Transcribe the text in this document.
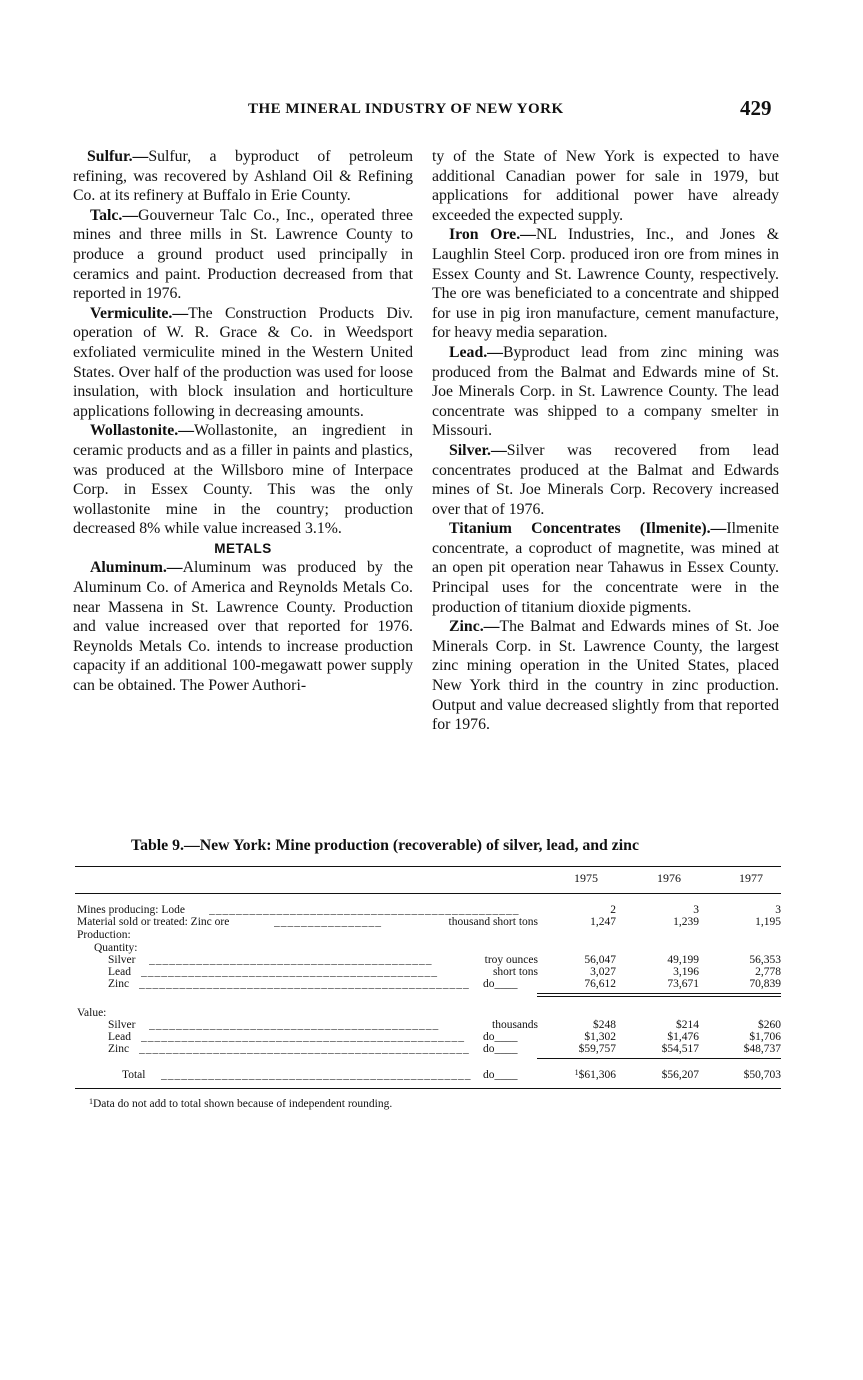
THE MINERAL INDUSTRY OF NEW YORK	429

Sulfur.—Sulfur, a byproduct of petroleum refining, was recovered by Ashland Oil & Refining Co. at its refinery at Buffalo in Erie County.

Talc.—Gouverneur Talc Co., Inc., operated three mines and three mills in St. Lawrence County to produce a ground product used principally in ceramics and paint. Production decreased from that reported in 1976.

Vermiculite.—The Construction Products Div. operation of W. R. Grace & Co. in Weedsport exfoliated vermiculite mined in the Western United States. Over half of the production was used for loose insulation, with block insulation and horticulture applications following in decreasing amounts.

Wollastonite.—Wollastonite, an ingredient in ceramic products and as a filler in paints and plastics, was produced at the Willsboro mine of Interpace Corp. in Essex County. This was the only wollastonite mine in the country; production decreased 8% while value increased 3.1%.

METALS

Aluminum.—Aluminum was produced by the Aluminum Co. of America and Reynolds Metals Co. near Massena in St. Lawrence County. Production and value increased over that reported for 1976. Reynolds Metals Co. intends to increase production capacity if an additional 100-megawatt power supply can be obtained. The Power Authori-

ty of the State of New York is expected to have additional Canadian power for sale in 1979, but applications for additional power have already exceeded the expected supply.

Iron Ore.—NL Industries, Inc., and Jones & Laughlin Steel Corp. produced iron ore from mines in Essex County and St. Lawrence County, respectively. The ore was beneficiated to a concentrate and shipped for use in pig iron manufacture, cement manufacture, for heavy media separation.

Lead.—Byproduct lead from zinc mining was produced from the Balmat and Edwards mine of St. Joe Minerals Corp. in St. Lawrence County. The lead concentrate was shipped to a company smelter in Missouri.

Silver.—Silver was recovered from lead concentrates produced at the Balmat and Edwards mines of St. Joe Minerals Corp. Recovery increased over that of 1976.

Titanium Concentrates (Ilmenite).—Ilmenite concentrate, a coproduct of magnetite, was mined at an open pit operation near Tahawus in Essex County. Principal uses for the concentrate were in the production of titanium dioxide pigments.

Zinc.—The Balmat and Edwards mines of St. Joe Minerals Corp. in St. Lawrence County, the largest zinc mining operation in the United States, placed New York third in the country in zinc production. Output and value decreased slightly from that reported for 1976.

Table 9.—New York: Mine production (recoverable) of silver, lead, and zinc
1975	1976	1977
Mines producing: Lode ______________________________________________	2	3	3
Material sold or treated: Zinc ore	________________	thousand short tons	1,247	1,239	1,195
Production:
Quantity:
Silver __________________________________________	troy ounces	56,047	49,199	56,353
Lead ____________________________________________	short tons	3,027	3,196	2,778
Zinc _________________________________________________	do____	76,612	73,671	70,839
Value:
Silver ___________________________________________	thousands	$248	$214	$260
Lead ________________________________________________	do____	$1,302	$1,476	$1,706
Zinc _________________________________________________	do____	$59,757	$54,517	$48,737
Total ______________________________________________	do____	$^1$\$61,306	$56,207	$50,703
$^1$Data do not add to total shown because of independent rounding.
